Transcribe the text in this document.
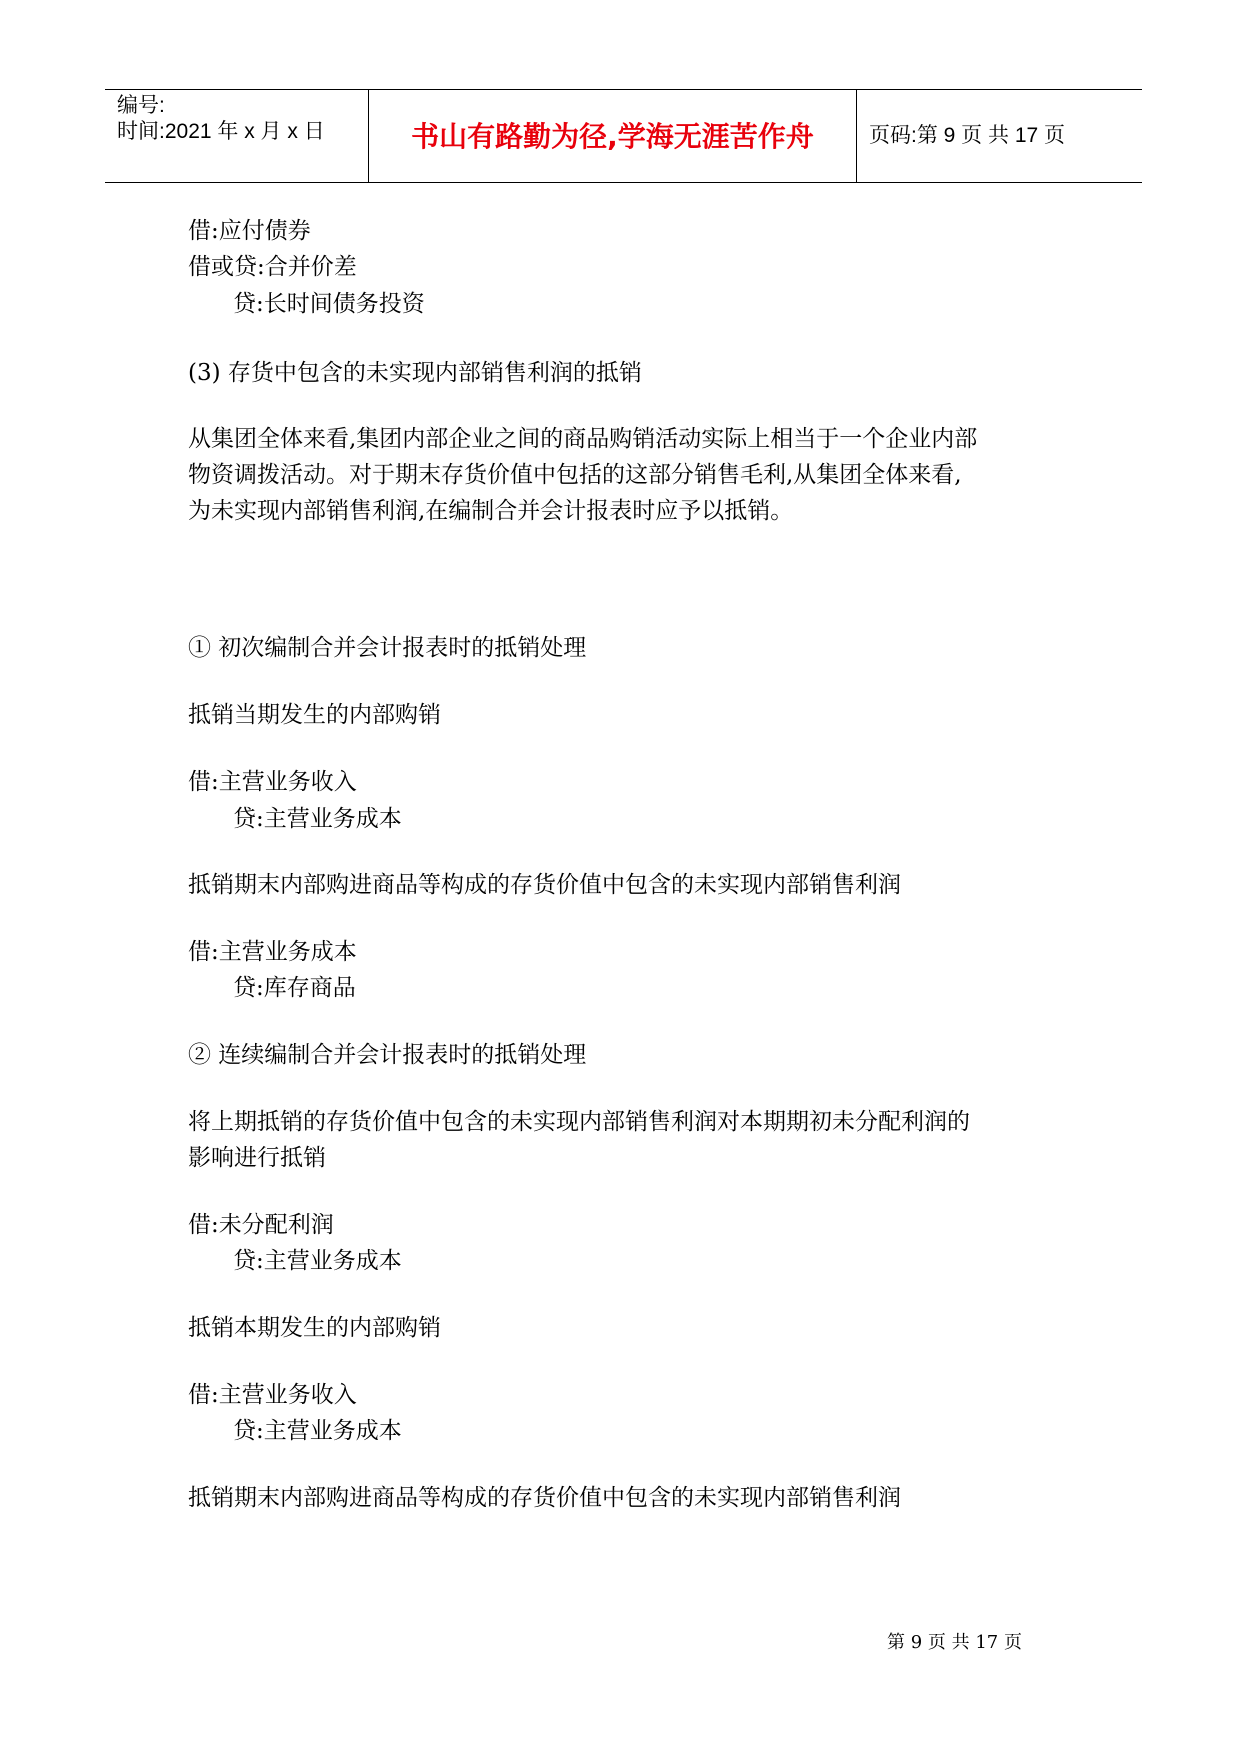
编号:
时间:2021 年 x 月 x 日	书山有路勤为径,学海无涯苦作舟	页码:第 9 页 共 17 页
借:应付债券
借或贷:合并价差
贷:长时间债务投资
(3) 存货中包含的未实现内部销售利润的抵销
从集团全体来看,集团内部企业之间的商品购销活动实际上相当于一个企业内部
物资调拨活动。对于期末存货价值中包括的这部分销售毛利,从集团全体来看,
为未实现内部销售利润,在编制合并会计报表时应予以抵销。
① 初次编制合并会计报表时的抵销处理
抵销当期发生的内部购销
借:主营业务收入
贷:主营业务成本
抵销期末内部购进商品等构成的存货价值中包含的未实现内部销售利润
借:主营业务成本
贷:库存商品
② 连续编制合并会计报表时的抵销处理
将上期抵销的存货价值中包含的未实现内部销售利润对本期期初未分配利润的
影响进行抵销
借:未分配利润
贷:主营业务成本
抵销本期发生的内部购销
借:主营业务收入
贷:主营业务成本
抵销期末内部购进商品等构成的存货价值中包含的未实现内部销售利润
第 9 页 共 17 页
